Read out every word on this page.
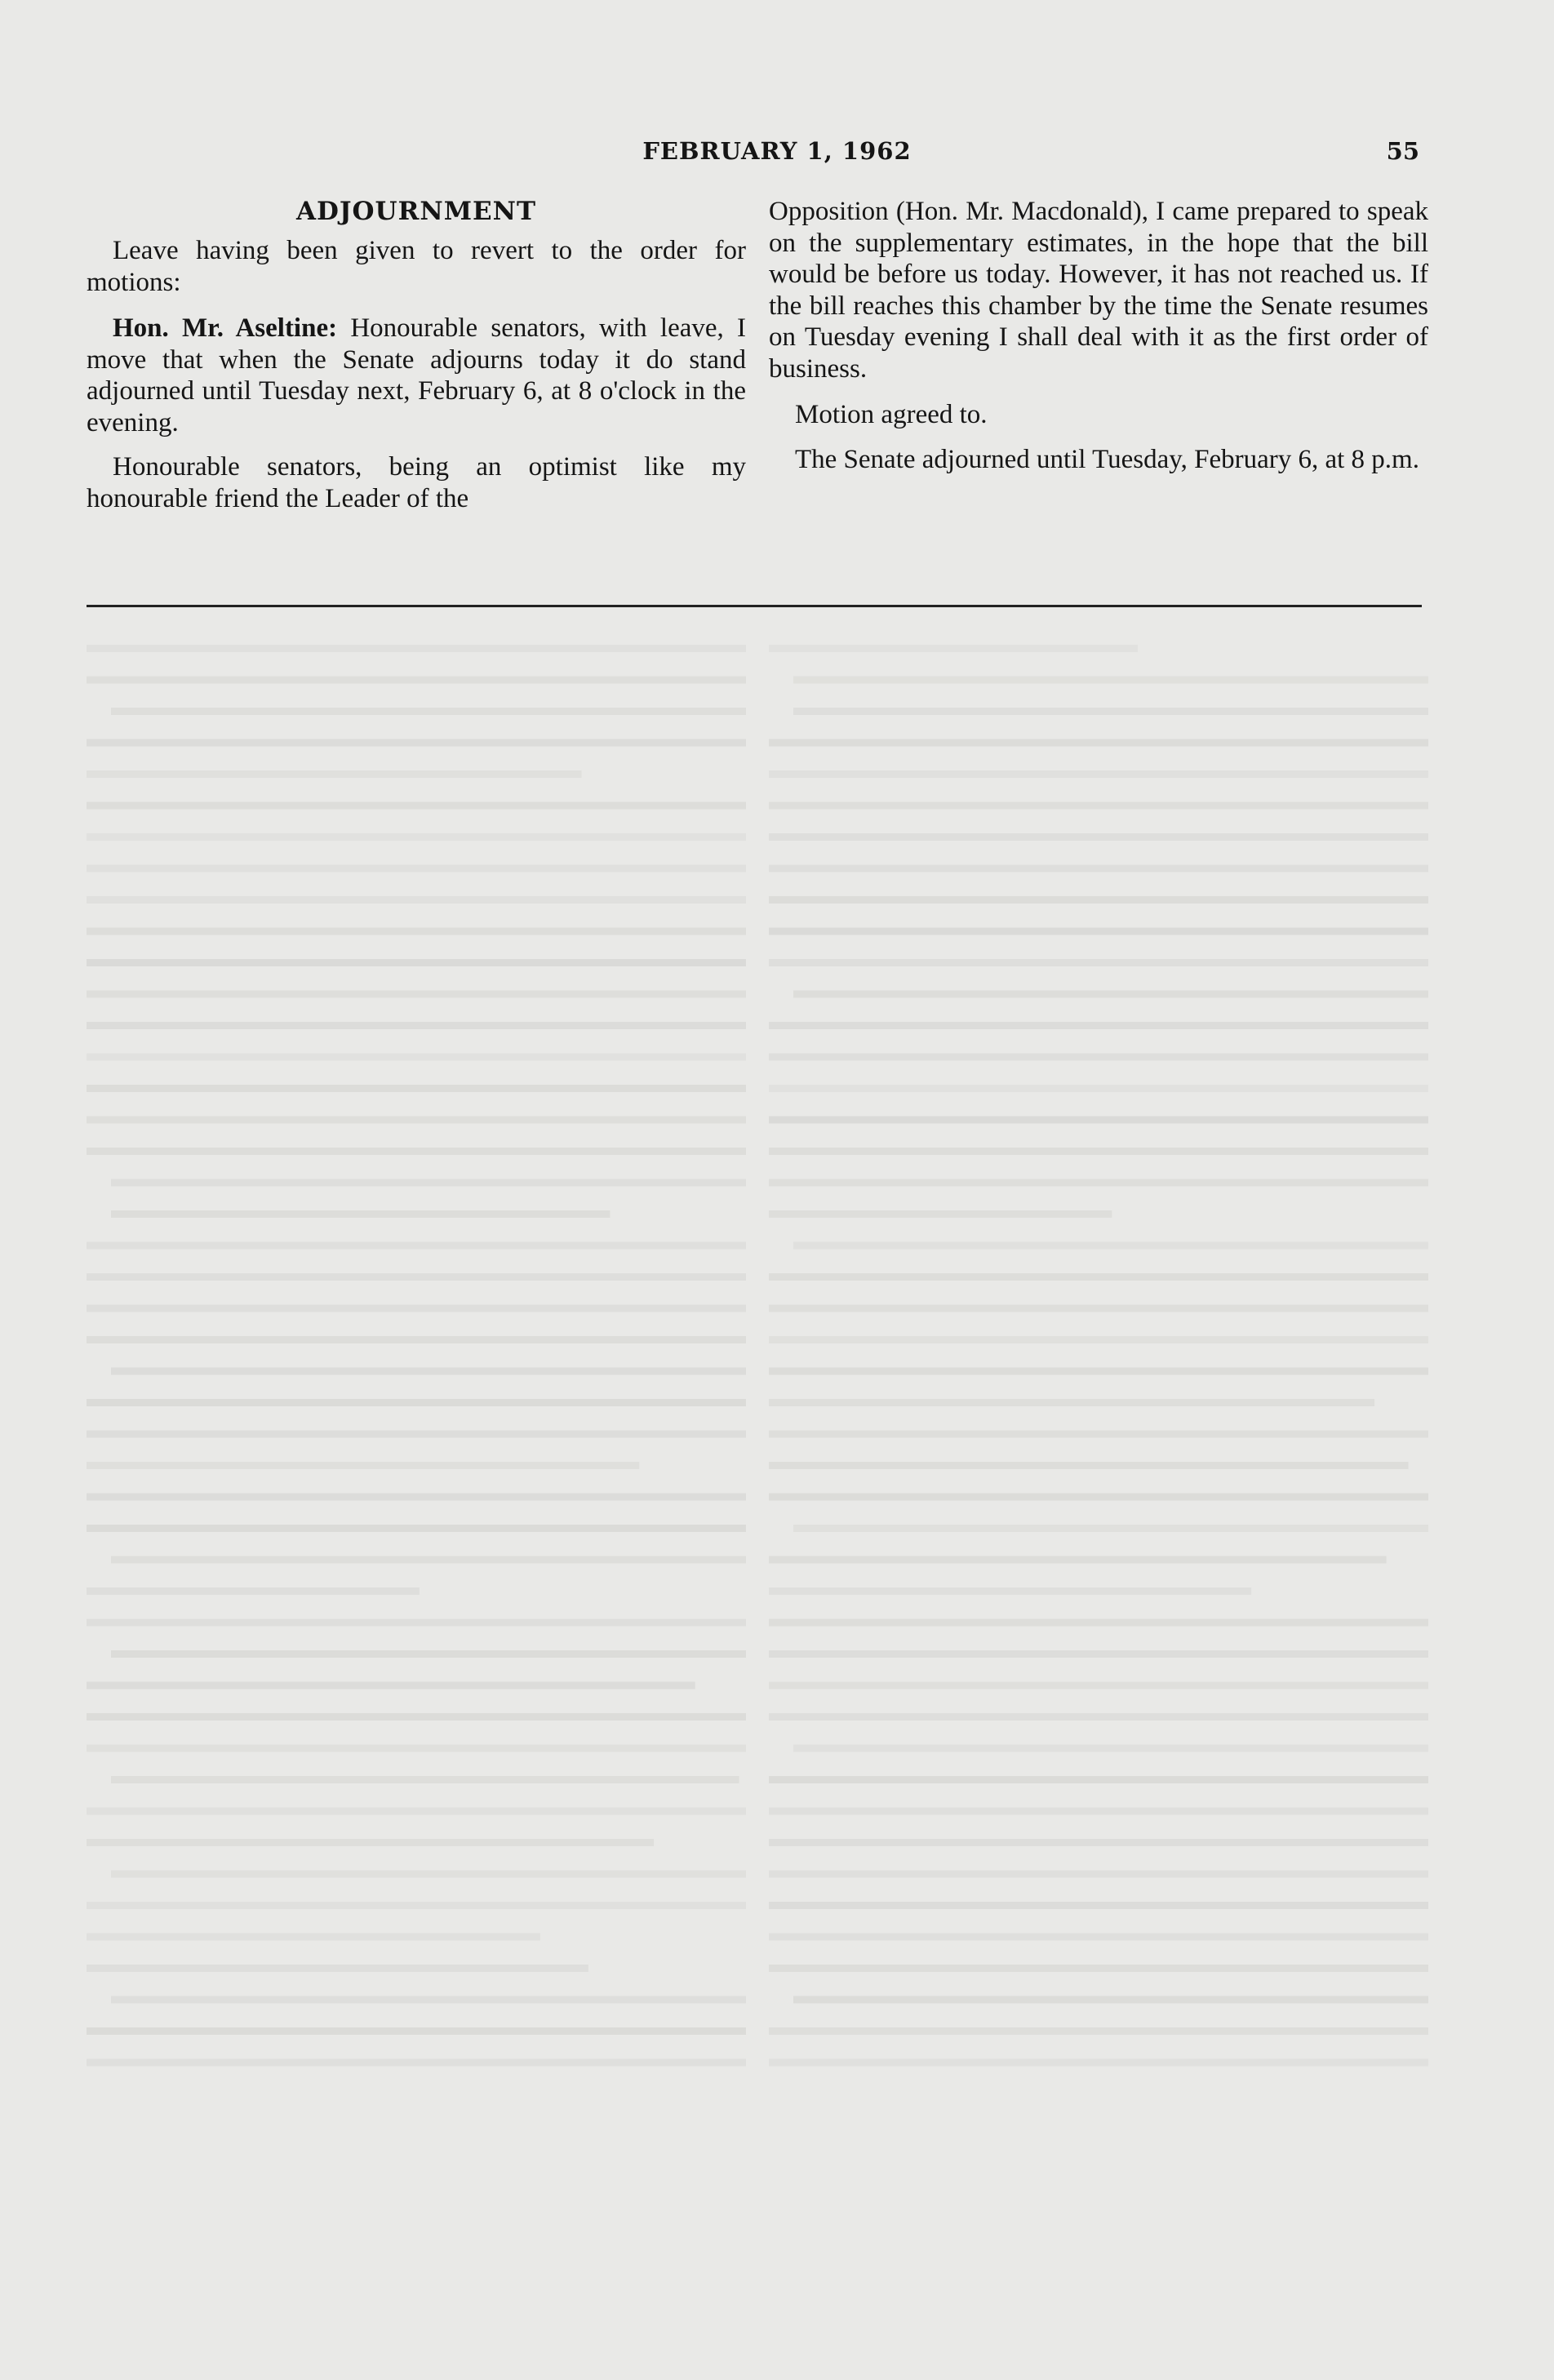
FEBRUARY 1, 1962	55
ADJOURNMENT

Leave having been given to revert to the order for motions:

Hon. Mr. Aseltine: Honourable senators, with leave, I move that when the Senate adjourns today it do stand adjourned until Tuesday next, February 6, at 8 o'clock in the evening.

Honourable senators, being an optimist like my honourable friend the Leader of the

Opposition (Hon. Mr. Macdonald), I came prepared to speak on the supplementary estimates, in the hope that the bill would be before us today. However, it has not reached us. If the bill reaches this chamber by the time the Senate resumes on Tuesday evening I shall deal with it as the first order of business.

Motion agreed to.

The Senate adjourned until Tuesday, February 6, at 8 p.m.
